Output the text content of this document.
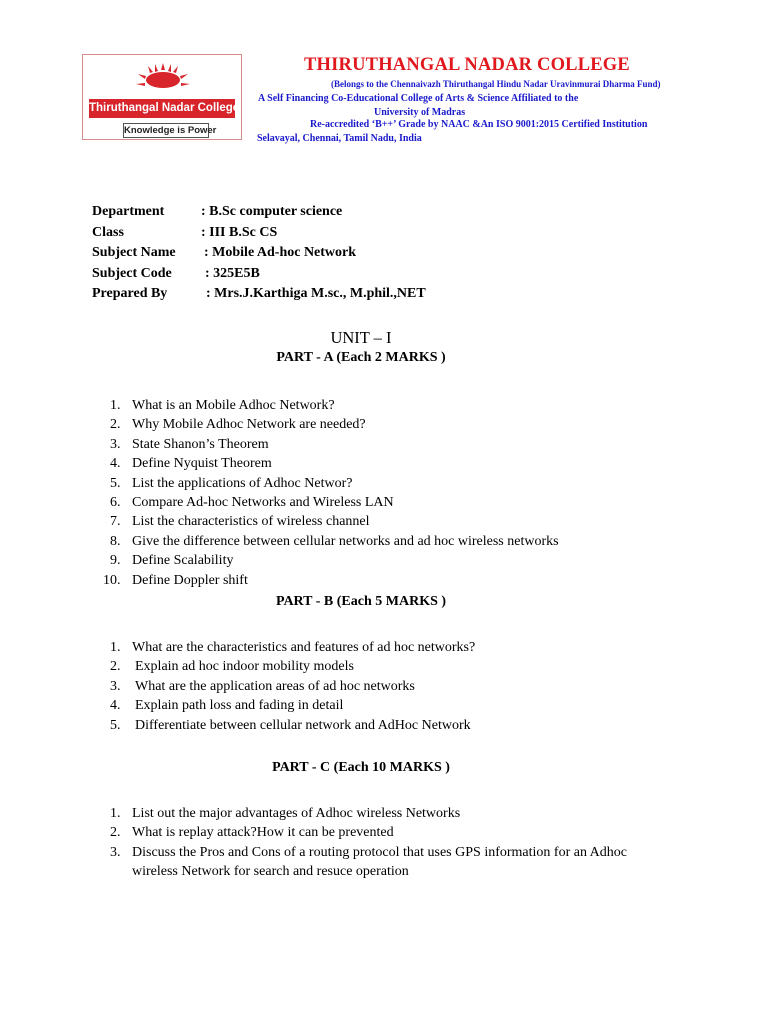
Thiruthangal Nadar College
Knowledge is Power
THIRUTHANGAL NADAR COLLEGE
(Belongs to the Chennaivazh Thiruthangal Hindu Nadar Uravinmurai Dharma Fund)
A Self Financing Co-Educational College of Arts & Science Affiliated to the
University of Madras
Re-accredited ‘B++’ Grade by NAAC &An ISO 9001:2015 Certified Institution
Selavayal, Chennai, Tamil Nadu, India
Department	: B.Sc computer science
Class	: III B.Sc CS
Subject Name : Mobile Ad-hoc Network
Subject Code : 325E5B
Prepared By	: Mrs.J.Karthiga M.sc., M.phil.,NET
UNIT – I
PART - A (Each 2 MARKS )
1. What is an Mobile Adhoc Network?
2. Why Mobile Adhoc Network are needed?
3. State Shanon’s Theorem
4. Define Nyquist Theorem
5. List the applications of Adhoc Networ?
6. Compare Ad-hoc Networks and Wireless LAN
7. List the characteristics of wireless channel
8. Give the difference between cellular networks and ad hoc wireless networks
9. Define Scalability
10. Define Doppler shift
PART - B (Each 5 MARKS )
1. What are the characteristics and features of ad hoc networks?
2. Explain ad hoc indoor mobility models
3. What are the application areas of ad hoc networks
4. Explain path loss and fading in detail
5. Differentiate between cellular network and AdHoc Network
PART - C (Each 10 MARKS )
1. List out the major advantages of Adhoc wireless Networks
2. What is replay attack?How it can be prevented
3. Discuss the Pros and Cons of a routing protocol that uses GPS information for an Adhoc wireless Network for search and resuce operation
